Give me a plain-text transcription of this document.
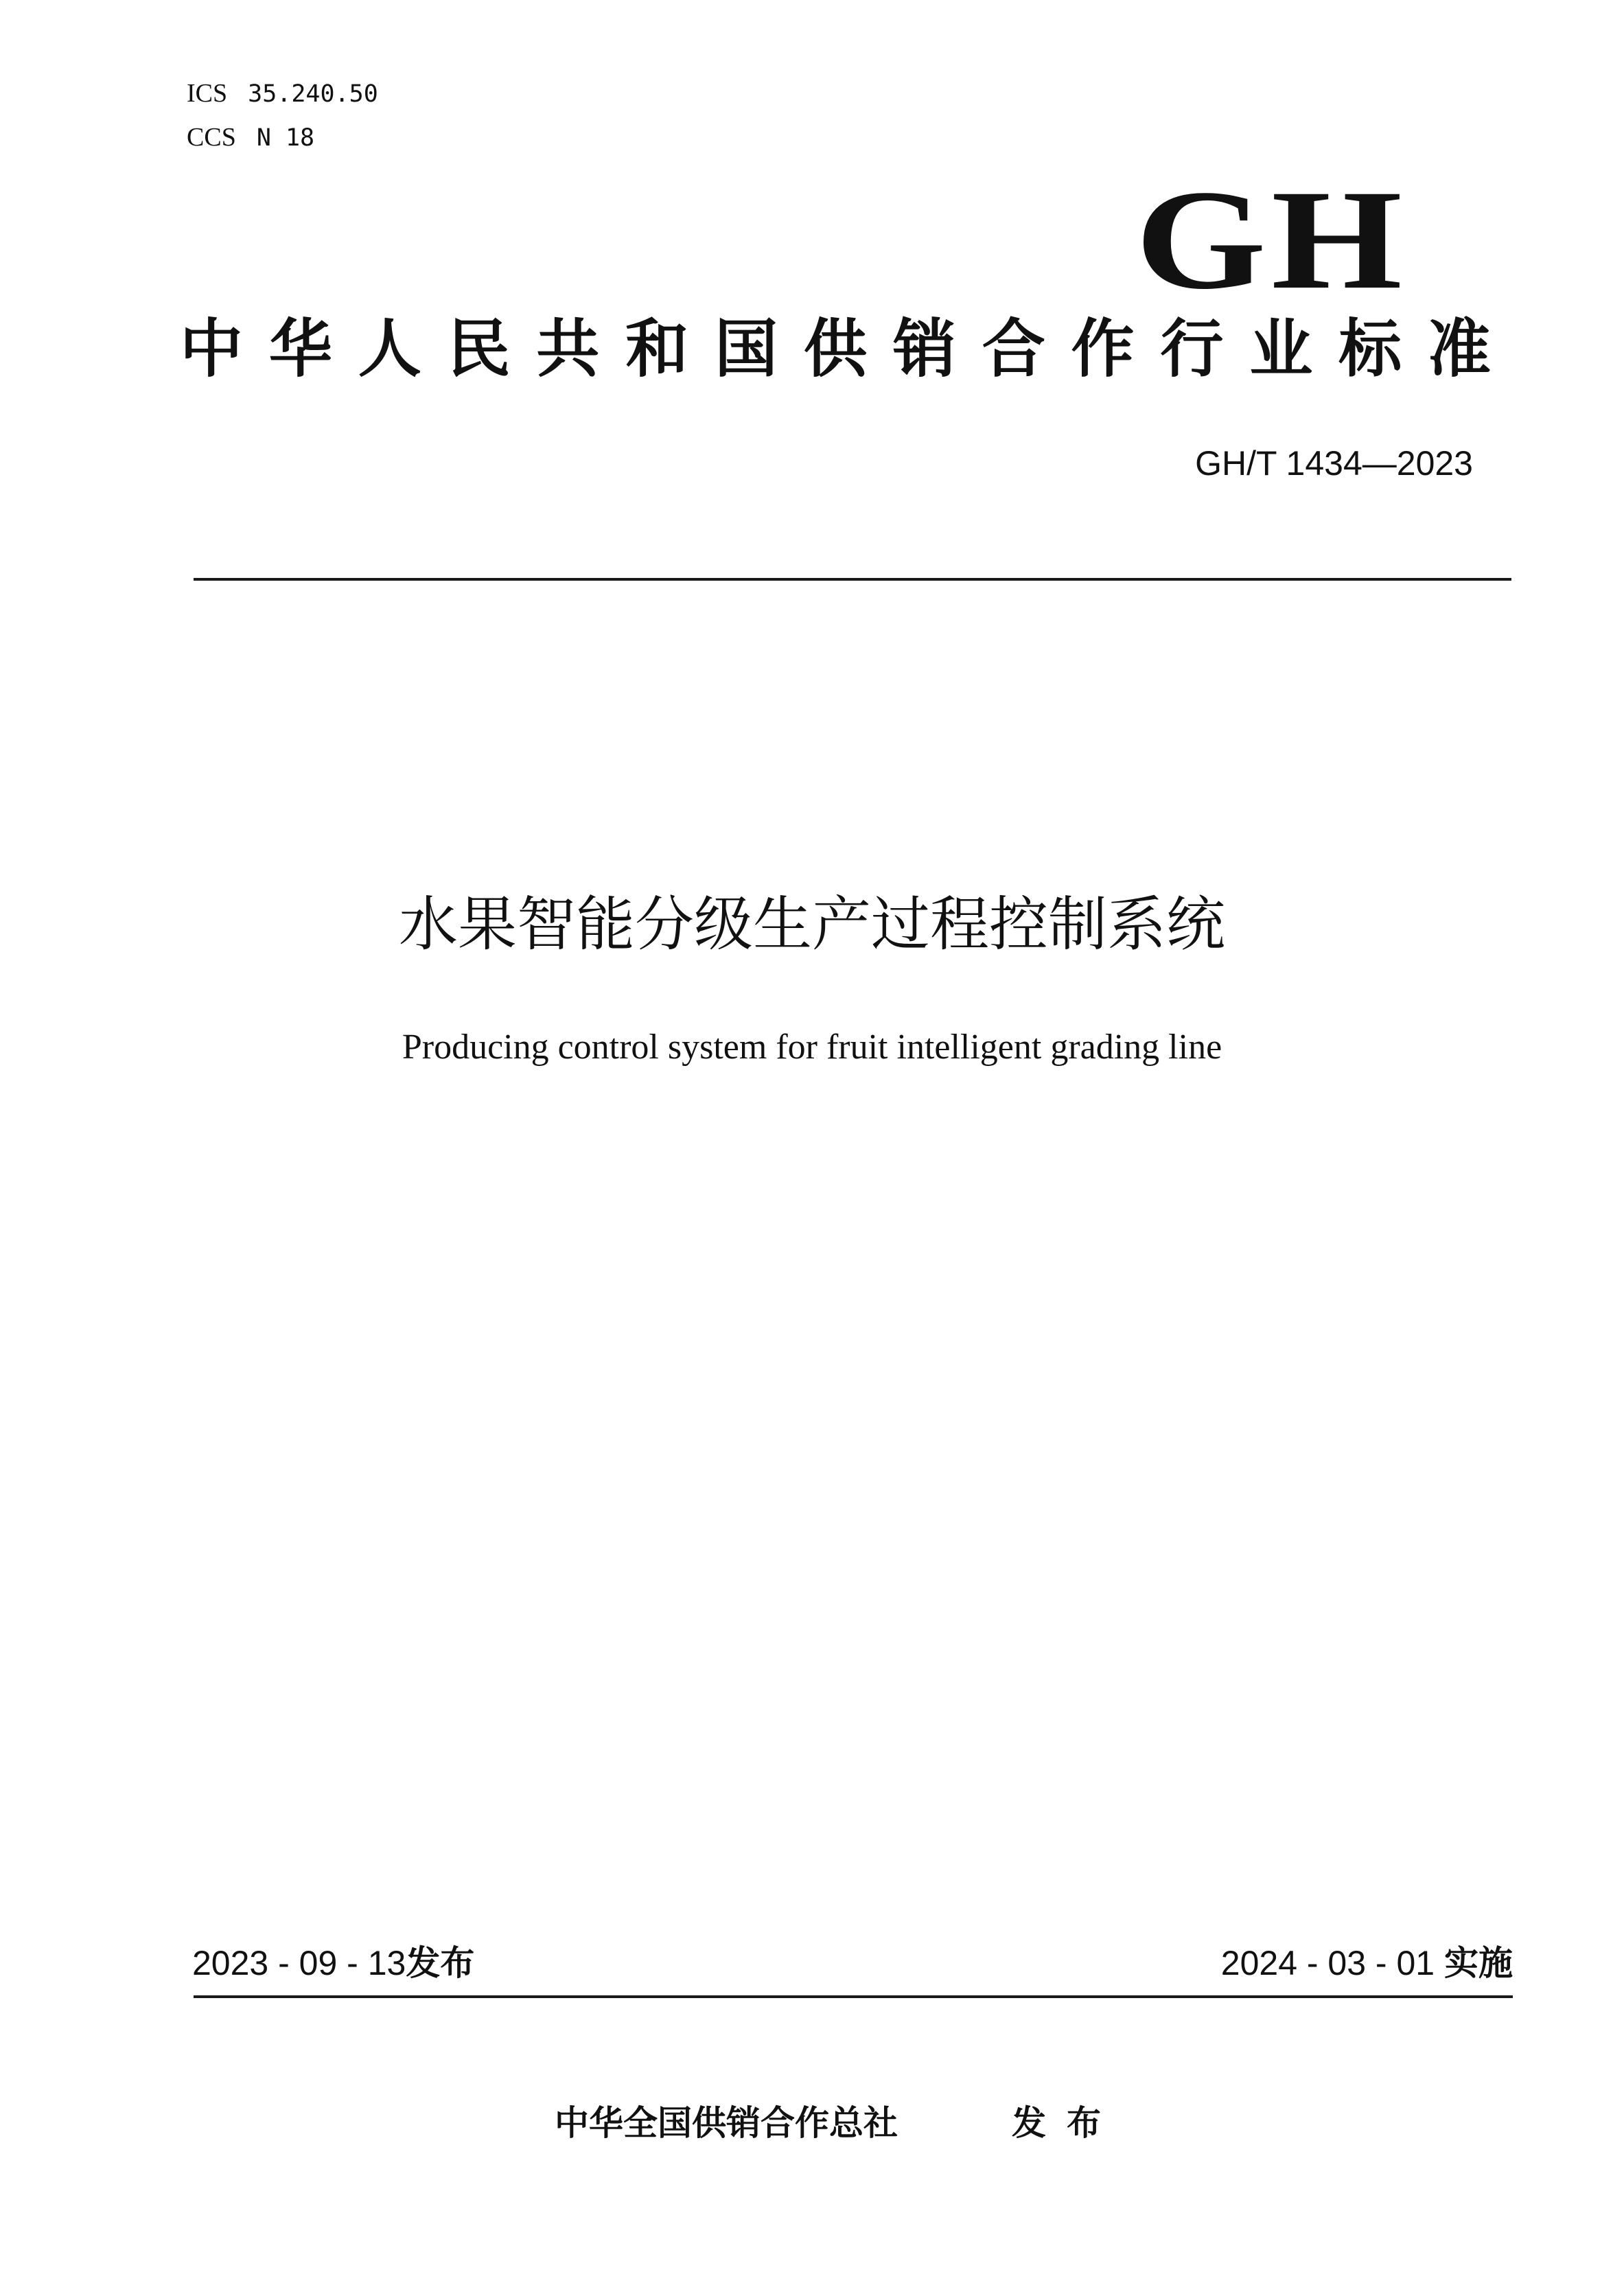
ICS 35.240.50
CCS N 18
GH
中华人民共和国供销合作行业标准
GH/T 1434—2023
水果智能分级生产过程控制系统
Producing control system for fruit intelligent grading line
2023 - 09 - 13发布	2024 - 03 - 01 实施
中华全国供销合作总社	发布
